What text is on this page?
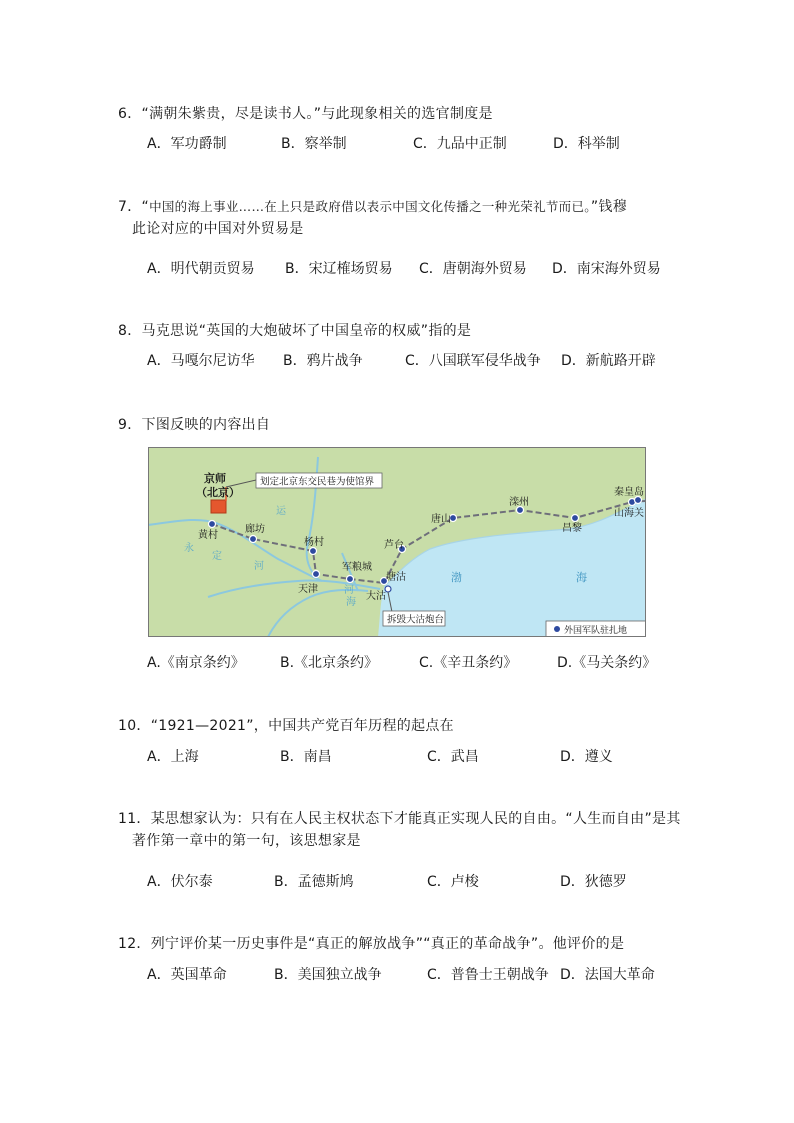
6．“满朝朱紫贵，尽是读书人。”与此现象相关的选官制度是
A．军功爵制	B．察举制	C．九品中正制	D．科举制
7．“中国的海上事业……在上只是政府借以表示中国文化传播之一种光荣礼节而已。”钱穆
此论对应的中国对外贸易是
A．明代朝贡贸易 B．宋辽榷场贸易 C．唐朝海外贸易 D．南宋海外贸易
8．马克思说“英国的大炮破坏了中国皇帝的权威”指的是
A．马嘎尔尼访华 B．鸦片战争	C．八国联军侵华战争 D．新航路开辟
9．下图反映的内容出自
划定北京东交民巷为使馆界
拆毁大沽炮台
外国军队驻扎地
京师
（北京）
黄村
廊坊
杨村
天津
军粮城
塘沽
大沽
芦台
唐山
滦州
昌黎
秦皇岛
山海关
运
永
定
河
河
海
渤	海
A.《南京条约》	B.《北京条约》	C.《辛丑条约》	D.《马关条约》
10．“1921—2021”，中国共产党百年历程的起点在
A．上海	B．南昌	C．武昌	D．遵义
11．某思想家认为：只有在人民主权状态下才能真正实现人民的自由。“人生而自由”是其
著作第一章中的第一句，该思想家是
A．伏尔泰	B．孟德斯鸠	C．卢梭	D．狄德罗
12．列宁评价某一历史事件是“真正的解放战争”“真正的革命战争”。他评价的是
A．英国革命	B．美国独立战争	C．普鲁士王朝战争 D．法国大革命
